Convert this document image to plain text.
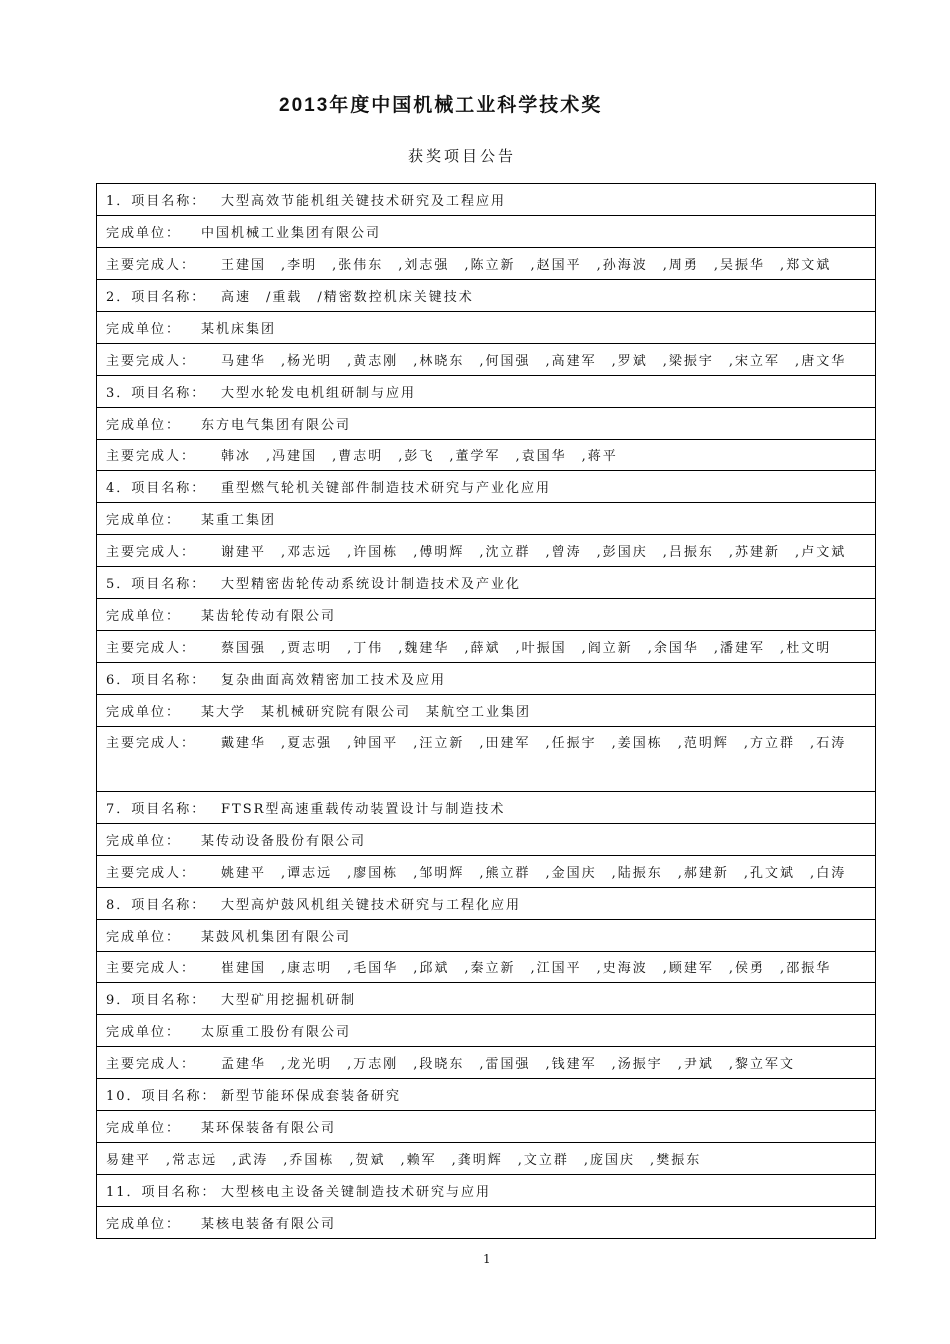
2013年度中国机械工业科学技术奖
获奖项目公告
1．项目名称：	大型高效节能机组关键技术研究及工程应用
完成单位：	中国机械工业集团有限公司
主要完成人：	王建国　,李明　,张伟东　,刘志强　,陈立新　,赵国平　,孙海波　,周勇　,吴振华　,郑文斌
2．项目名称：	高速　/重载　/精密数控机床关键技术
完成单位：	某机床集团
主要完成人：	马建华　,杨光明　,黄志刚　,林晓东　,何国强　,高建军　,罗斌　,梁振宇　,宋立军　,唐文华
3．项目名称：	大型水轮发电机组研制与应用
完成单位：	东方电气集团有限公司
主要完成人：	韩冰　,冯建国　,曹志明　,彭飞　,董学军　,袁国华　,蒋平
4．项目名称：	重型燃气轮机关键部件制造技术研究与产业化应用
完成单位：	某重工集团
主要完成人：	谢建平　,邓志远　,许国栋　,傅明辉　,沈立群　,曾涛　,彭国庆　,吕振东　,苏建新　,卢文斌
5．项目名称：	大型精密齿轮传动系统设计制造技术及产业化
完成单位：	某齿轮传动有限公司
主要完成人：	蔡国强　,贾志明　,丁伟　,魏建华　,薛斌　,叶振国　,阎立新　,余国华　,潘建军　,杜文明
6．项目名称：	复杂曲面高效精密加工技术及应用
完成单位：	某大学　某机械研究院有限公司　某航空工业集团
主要完成人：	戴建华　,夏志强　,钟国平　,汪立新　,田建军　,任振宇　,姜国栋　,范明辉　,方立群　,石涛
7．项目名称：	FTSR型高速重载传动装置设计与制造技术
完成单位：	某传动设备股份有限公司
主要完成人：	姚建平　,谭志远　,廖国栋　,邹明辉　,熊立群　,金国庆　,陆振东　,郝建新　,孔文斌　,白涛
8．项目名称：	大型高炉鼓风机组关键技术研究与工程化应用
完成单位：	某鼓风机集团有限公司
主要完成人：	崔建国　,康志明　,毛国华　,邱斌　,秦立新　,江国平　,史海波　,顾建军　,侯勇　,邵振华
9．项目名称：	大型矿用挖掘机研制
完成单位：	太原重工股份有限公司
主要完成人：	孟建华　,龙光明　,万志刚　,段晓东　,雷国强　,钱建军　,汤振宇　,尹斌　,黎立军文
10．项目名称： 新型节能环保成套装备研究
完成单位：	某环保装备有限公司
易建平　,常志远　,武涛　,乔国栋　,贺斌　,赖军　,龚明辉　,文立群　,庞国庆　,樊振东
11．项目名称： 大型核电主设备关键制造技术研究与应用
完成单位：	某核电装备有限公司
1
